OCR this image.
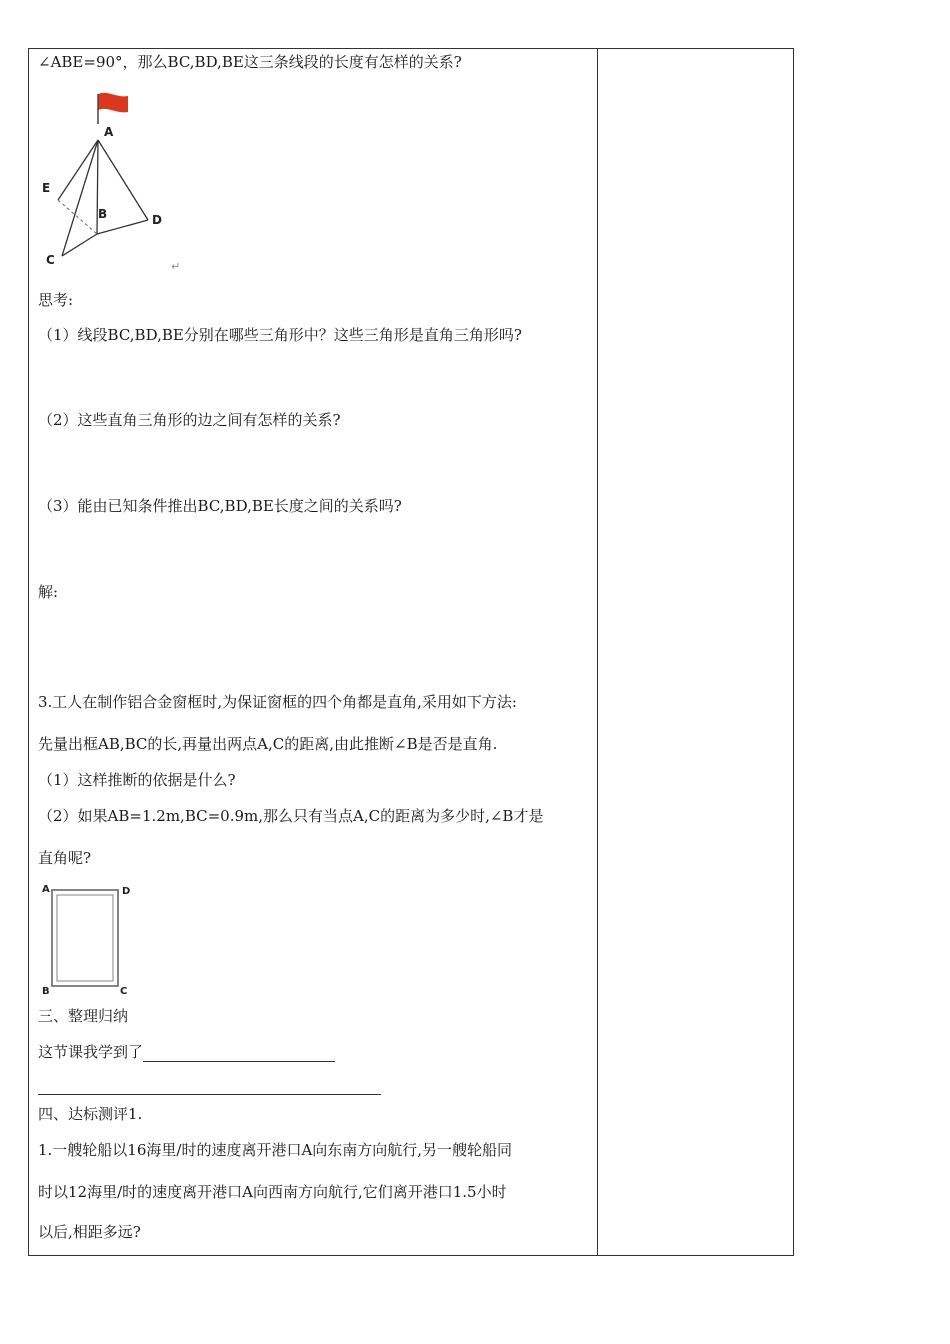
∠ABE=90°，那么BC,BD,BE这三条线段的长度有怎样的关系?
A
E
B	D
C	↵
思考:
（1）线段BC,BD,BE分别在哪些三角形中？这些三角形是直角三角形吗?
（2）这些直角三角形的边之间有怎样的关系?
（3）能由已知条件推出BC,BD,BE长度之间的关系吗?
解:
3.工人在制作铝合金窗框时,为保证窗框的四个角都是直角,采用如下方法:
先量出框AB,BC的长,再量出两点A,C的距离,由此推断∠B是否是直角.
（1）这样推断的依据是什么?
（2）如果AB=1.2m,BC=0.9m,那么只有当点A,C的距离为多少时,∠B才是
直角呢?
A	D
B	C
三、整理归纳
这节课我学到了
四、达标测评1.
1.一艘轮船以16海里/时的速度离开港口A向东南方向航行,另一艘轮船同
时以12海里/时的速度离开港口A向西南方向航行,它们离开港口1.5小时
以后,相距多远?
